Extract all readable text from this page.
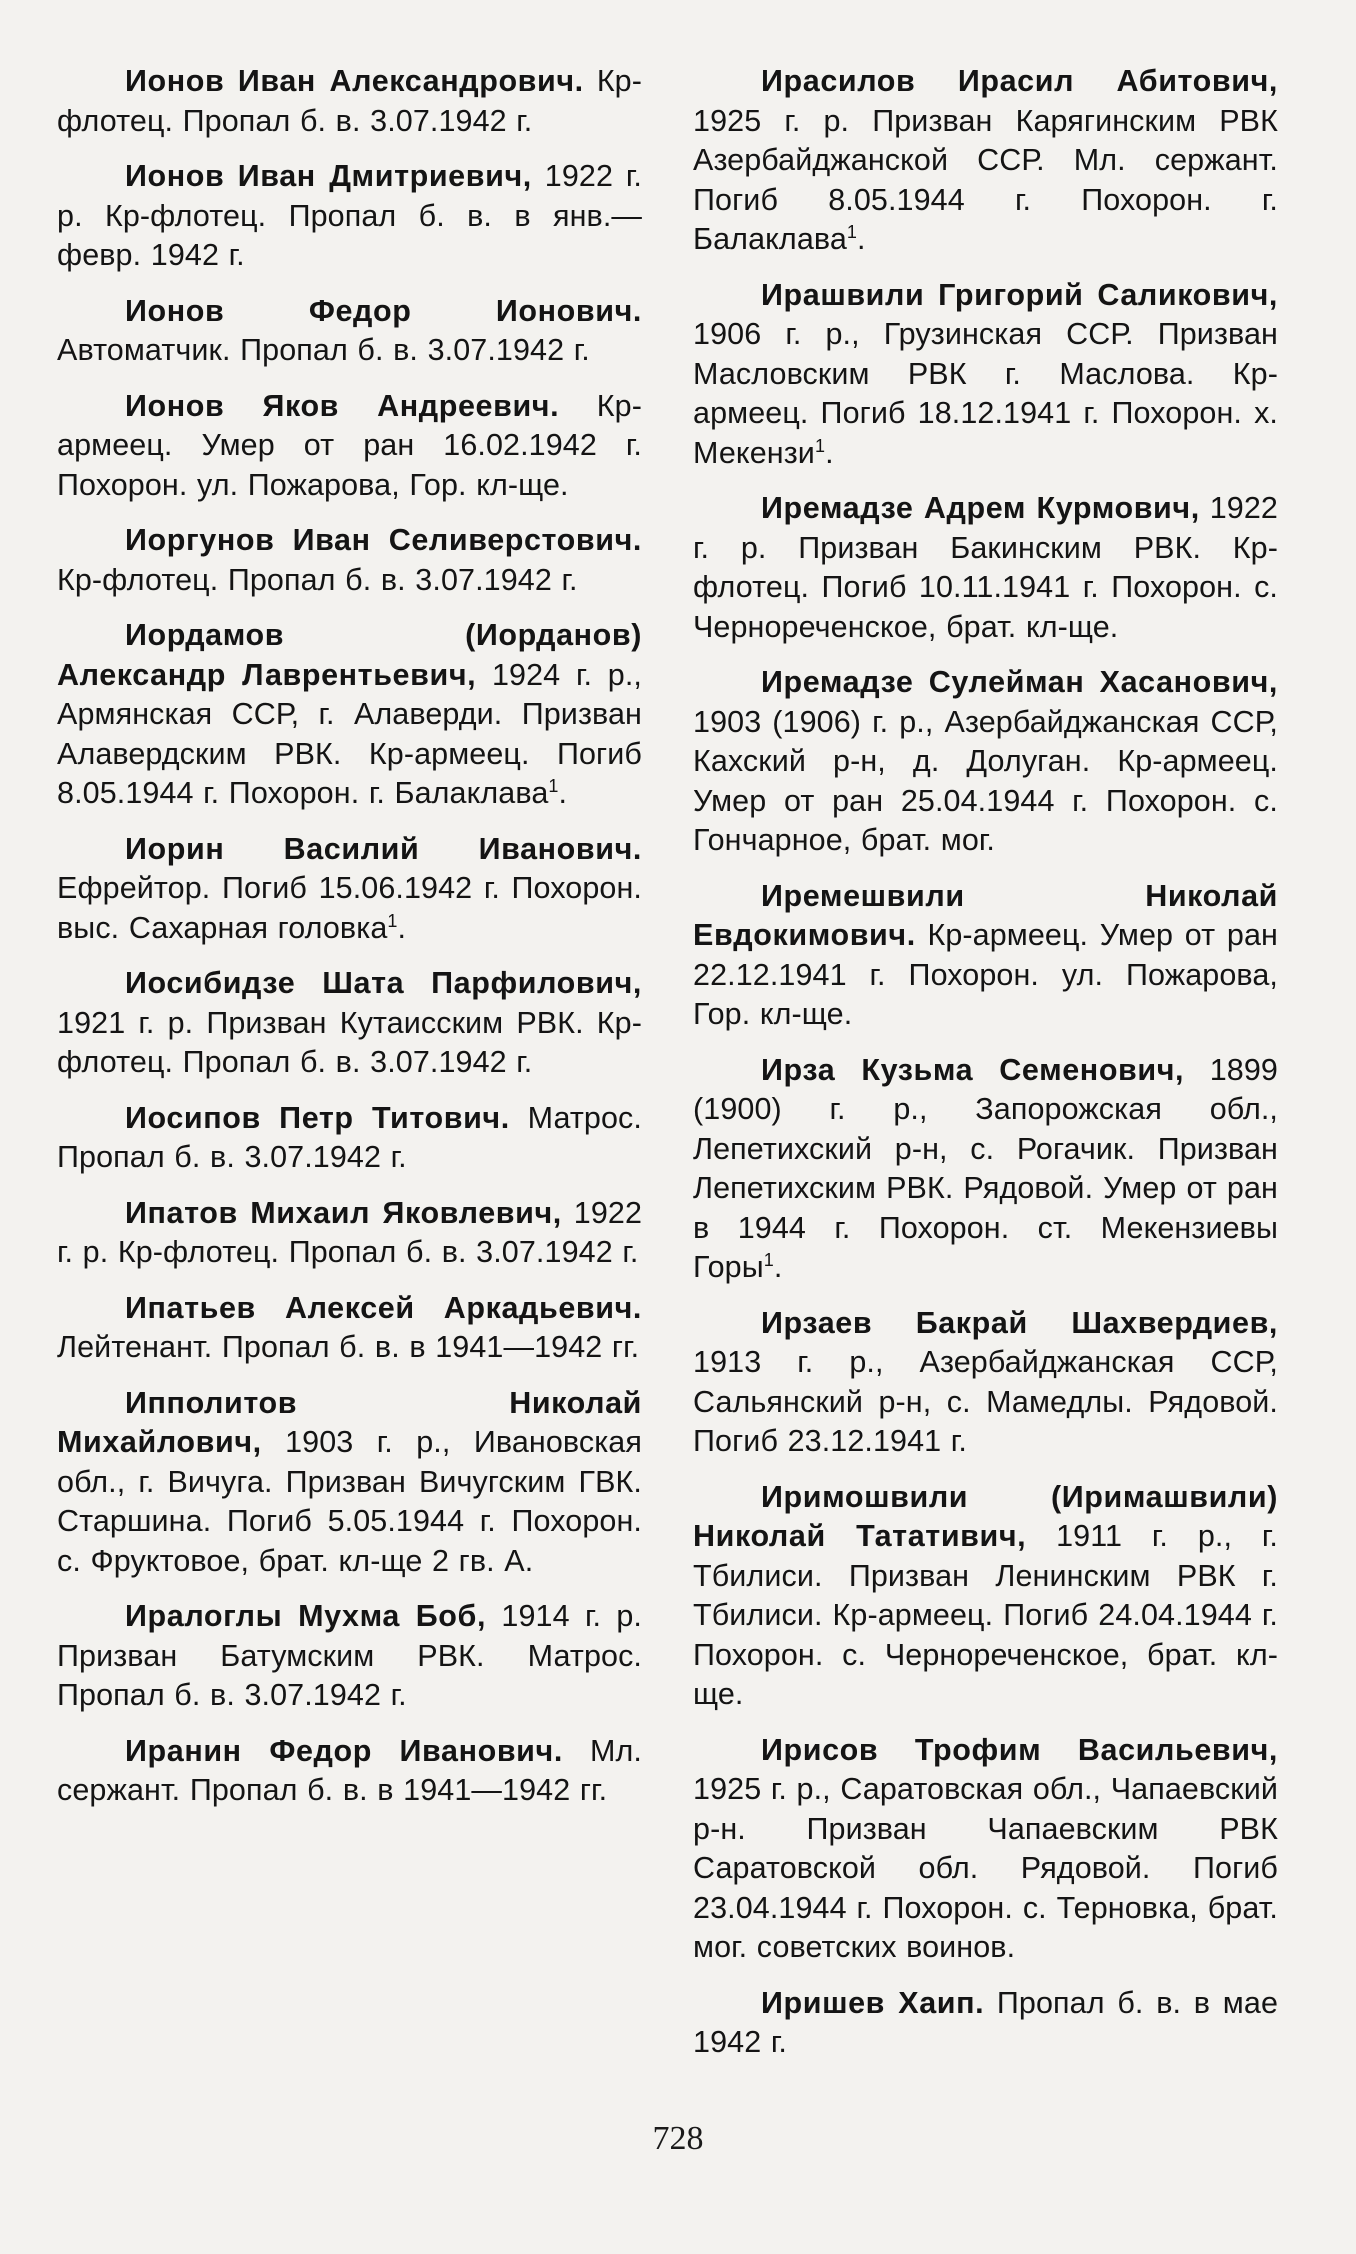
Ионов Иван Александрович. Кр-флотец. Пропал б. в. 3.07.1942 г.

Ионов Иван Дмитриевич, 1922 г. р. Кр-флотец. Пропал б. в. в янв.—февр. 1942 г.

Ионов Федор Ионович. Автоматчик. Пропал б. в. 3.07.1942 г.

Ионов Яков Андреевич. Кр-армеец. Умер от ран 16.02.1942 г. Похорон. ул. Пожарова, Гор. кл-ще.

Иоргунов Иван Селиверстович. Кр-флотец. Пропал б. в. 3.07.1942 г.

Иордамов (Иорданов) Александр Лаврентьевич, 1924 г. р., Армянская ССР, г. Алаверди. Призван Алавердским РВК. Кр-армеец. Погиб 8.05.1944 г. Похорон. г. Балаклава$^1$.

Иорин Василий Иванович. Ефрейтор. Погиб 15.06.1942 г. Похорон. выс. Сахарная головка$^1$.

Иосибидзе Шата Парфилович, 1921 г. р. Призван Кутаисским РВК. Кр-флотец. Пропал б. в. 3.07.1942 г.

Иосипов Петр Титович. Матрос. Пропал б. в. 3.07.1942 г.

Ипатов Михаил Яковлевич, 1922 г. р. Кр-флотец. Пропал б. в. 3.07.1942 г.

Ипатьев Алексей Аркадьевич. Лейтенант. Пропал б. в. в 1941—1942 гг.

Ипполитов Николай Михайлович, 1903 г. р., Ивановская обл., г. Вичуга. Призван Вичугским ГВК. Старшина. Погиб 5.05.1944 г. Похорон. с. Фруктовое, брат. кл-ще 2 гв. А.

Иралоглы Мухма Боб, 1914 г. р. Призван Батумским РВК. Матрос. Пропал б. в. 3.07.1942 г.

Иранин Федор Иванович. Мл. сержант. Пропал б. в. в 1941—1942 гг.

Ирасилов Ирасил Абитович, 1925 г. р. Призван Карягинским РВК Азербайджанской ССР. Мл. сержант. Погиб 8.05.1944 г. Похорон. г. Балаклава$^1$.

Ирашвили Григорий Саликович, 1906 г. р., Грузинская ССР. Призван Масловским РВК г. Маслова. Кр-армеец. Погиб 18.12.1941 г. Похорон. х. Мекензи$^1$.

Иремадзе Адрем Курмович, 1922 г. р. Призван Бакинским РВК. Кр-флотец. Погиб 10.11.1941 г. Похорон. с. Чернореченское, брат. кл-ще.

Иремадзе Сулейман Хасанович, 1903 (1906) г. р., Азербайджанская ССР, Кахский р-н, д. Долуган. Кр-армеец. Умер от ран 25.04.1944 г. Похорон. с. Гончарное, брат. мог.

Иремешвили Николай Евдокимович. Кр-армеец. Умер от ран 22.12.1941 г. Похорон. ул. Пожарова, Гор. кл-ще.

Ирза Кузьма Семенович, 1899 (1900) г. р., Запорожская обл., Лепетихский р-н, с. Рогачик. Призван Лепетихским РВК. Рядовой. Умер от ран в 1944 г. Похорон. ст. Мекензиевы Горы$^1$.

Ирзаев Бакрай Шахвердиев, 1913 г. р., Азербайджанская ССР, Сальянский р-н, с. Мамедлы. Рядовой. Погиб 23.12.1941 г.

Иримошвили (Иримашвили) Николай Татативич, 1911 г. р., г. Тбилиси. Призван Ленинским РВК г. Тбилиси. Кр-армеец. Погиб 24.04.1944 г. Похорон. с. Чернореченское, брат. кл-ще.

Ирисов Трофим Васильевич, 1925 г. р., Саратовская обл., Чапаевский р-н. Призван Чапаевским РВК Саратовской обл. Рядовой. Погиб 23.04.1944 г. Похорон. с. Терновка, брат. мог. советских воинов.

Иришев Хаип. Пропал б. в. в мае 1942 г.

728
